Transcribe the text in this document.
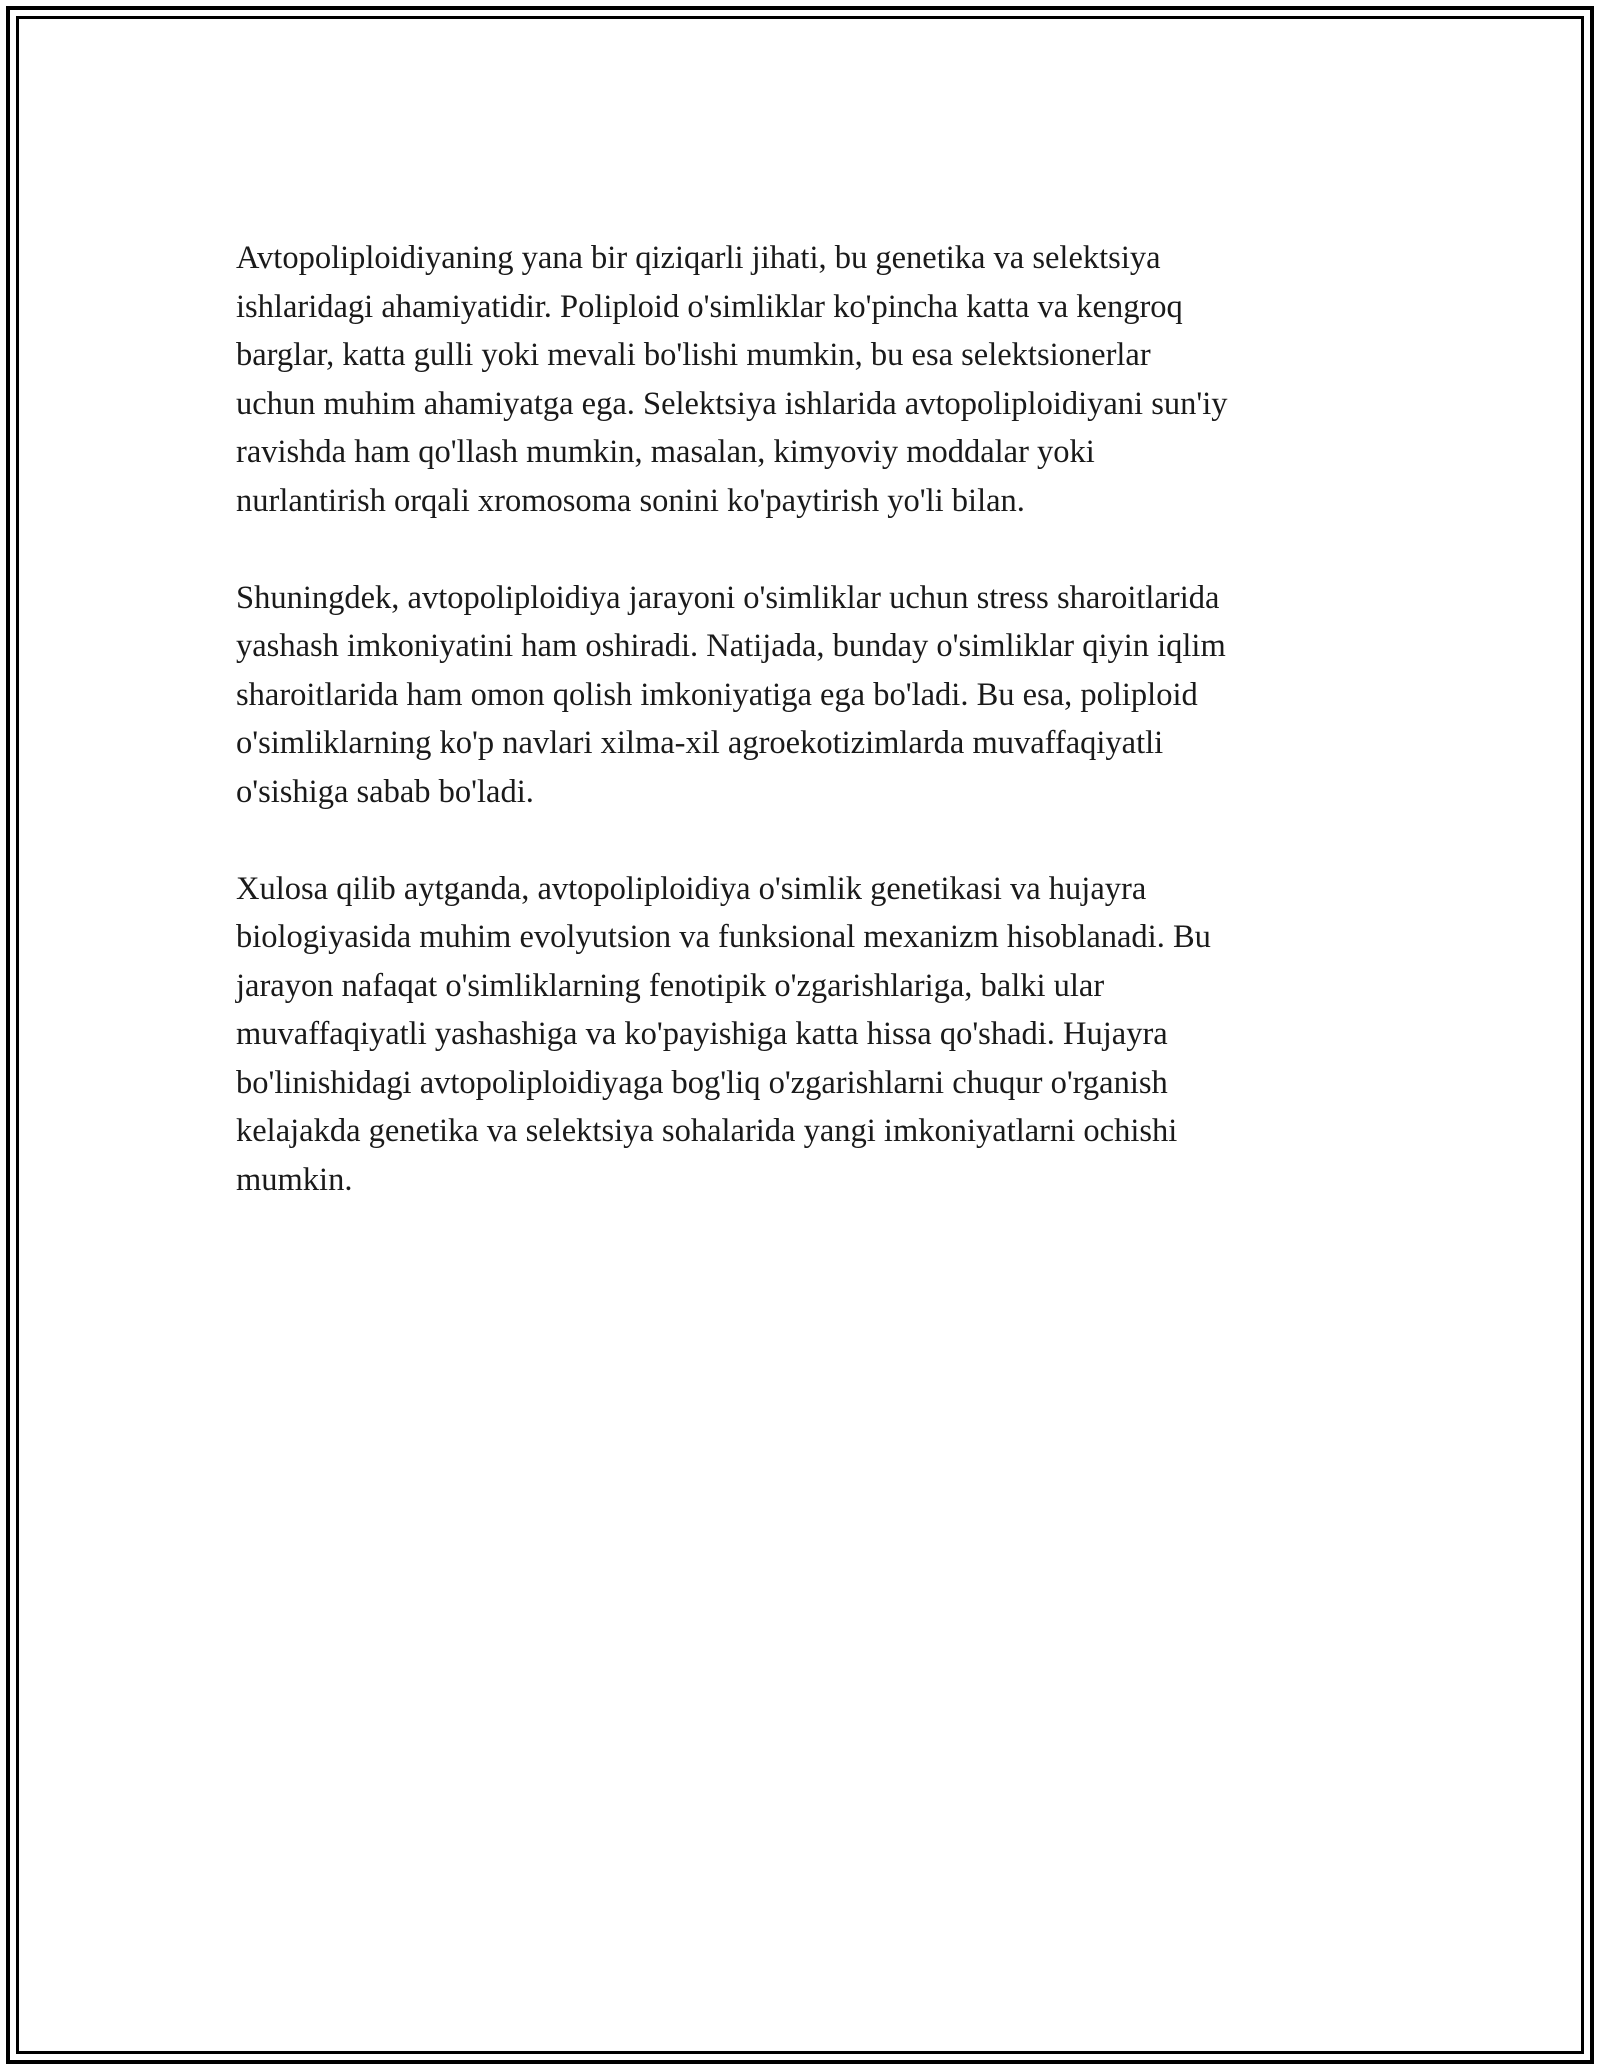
Avtopoliploidiyaning yana bir qiziqarli jihati, bu genetika va selektsiya
ishlaridagi ahamiyatidir. Poliploid o'simliklar ko'pincha katta va kengroq
barglar, katta gulli yoki mevali bo'lishi mumkin, bu esa selektsionerlar
uchun muhim ahamiyatga ega. Selektsiya ishlarida avtopoliploidiyani sun'iy
ravishda ham qo'llash mumkin, masalan, kimyoviy moddalar yoki
nurlantirish orqali xromosoma sonini ko'paytirish yo'li bilan.

Shuningdek, avtopoliploidiya jarayoni o'simliklar uchun stress sharoitlarida
yashash imkoniyatini ham oshiradi. Natijada, bunday o'simliklar qiyin iqlim
sharoitlarida ham omon qolish imkoniyatiga ega bo'ladi. Bu esa, poliploid
o'simliklarning ko'p navlari xilma-xil agroekotizimlarda muvaffaqiyatli
o'sishiga sabab bo'ladi.

Xulosa qilib aytganda, avtopoliploidiya o'simlik genetikasi va hujayra
biologiyasida muhim evolyutsion va funksional mexanizm hisoblanadi. Bu
jarayon nafaqat o'simliklarning fenotipik o'zgarishlariga, balki ular
muvaffaqiyatli yashashiga va ko'payishiga katta hissa qo'shadi. Hujayra
bo'linishidagi avtopoliploidiyaga bog'liq o'zgarishlarni chuqur o'rganish
kelajakda genetika va selektsiya sohalarida yangi imkoniyatlarni ochishi
mumkin.
